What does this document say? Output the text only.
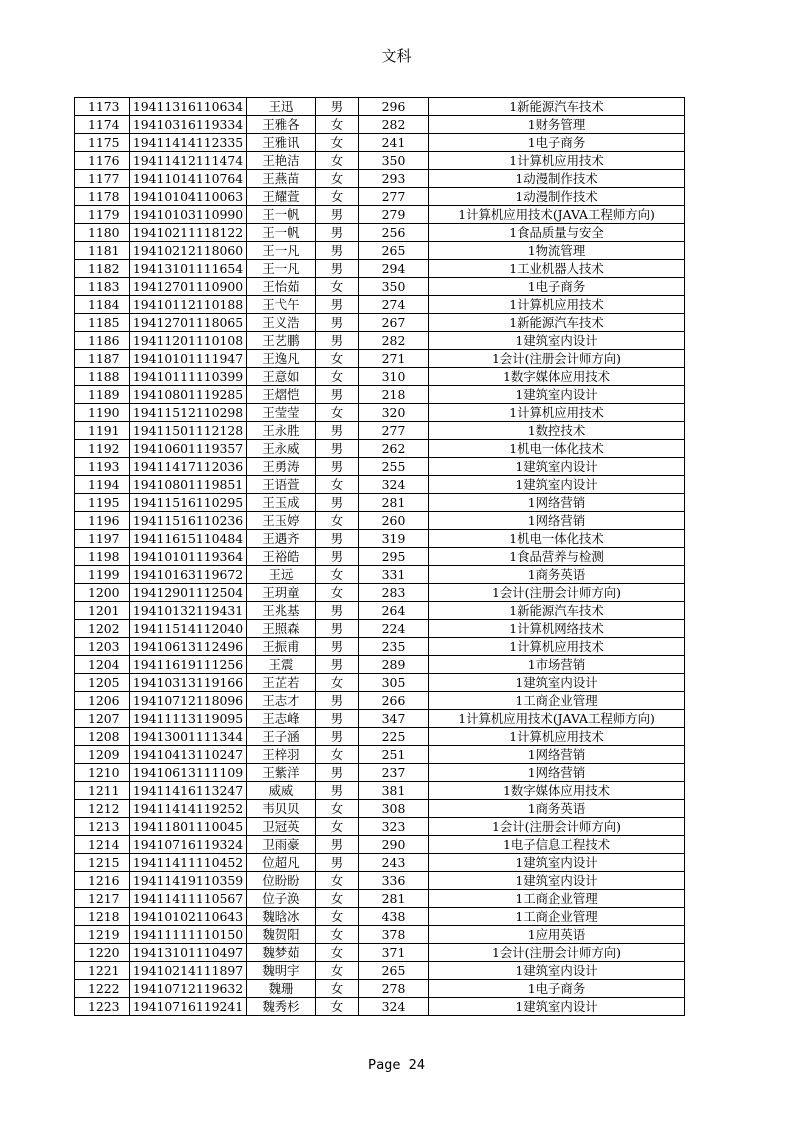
文科
1173	19411316110634	王迅	男	296	1新能源汽车技术
1174	19410316119334	王雅各	女	282	1财务管理
1175	19411414112335	王雅讯	女	241	1电子商务
1176	19411412111474	王艳洁	女	350	1计算机应用技术
1177	19411014110764	王燕苗	女	293	1动漫制作技术
1178	19410104110063	王耀萱	女	277	1动漫制作技术
1179	19410103110990	王一帆	男	279	1计算机应用技术(JAVA工程师方向)
1180	19410211118122	王一帆	男	256	1食品质量与安全
1181	19410212118060	王一凡	男	265	1物流管理
1182	19413101111654	王一凡	男	294	1工业机器人技术
1183	19412701110900	王怡茹	女	350	1电子商务
1184	19410112110188	王弋午	男	274	1计算机应用技术
1185	19412701118065	王义浩	男	267	1新能源汽车技术
1186	19411201110108	王艺鹏	男	282	1建筑室内设计
1187	19410101111947	王逸凡	女	271	1会计(注册会计师方向)
1188	19410111110399	王意如	女	310	1数字媒体应用技术
1189	19410801119285	王熠恺	男	218	1建筑室内设计
1190	19411512110298	王莹莹	女	320	1计算机应用技术
1191	19411501112128	王永胜	男	277	1数控技术
1192	19410601119357	王永威	男	262	1机电一体化技术
1193	19411417112036	王勇涛	男	255	1建筑室内设计
1194	19410801119851	王语萱	女	324	1建筑室内设计
1195	19411516110295	王玉成	男	281	1网络营销
1196	19411516110236	王玉婷	女	260	1网络营销
1197	19411615110484	王遇齐	男	319	1机电一体化技术
1198	19410101119364	王裕皓	男	295	1食品营养与检测
1199	19410163119672	王远	女	331	1商务英语
1200	19412901112504	王玥童	女	283	1会计(注册会计师方向)
1201	19410132119431	王兆基	男	264	1新能源汽车技术
1202	19411514112040	王照森	男	224	1计算机网络技术
1203	19410613112496	王振甫	男	235	1计算机应用技术
1204	19411619111256	王震	男	289	1市场营销
1205	19410313119166	王芷若	女	305	1建筑室内设计
1206	19410712118096	王志才	男	266	1工商企业管理
1207	19411113119095	王志峰	男	347	1计算机应用技术(JAVA工程师方向)
1208	19413001111344	王子涵	男	225	1计算机应用技术
1209	19410413110247	王梓羽	女	251	1网络营销
1210	19410613111109	王紫洋	男	237	1网络营销
1211	19411416113247	威威	男	381	1数字媒体应用技术
1212	19411414119252	韦贝贝	女	308	1商务英语
1213	19411801110045	卫冠英	女	323	1会计(注册会计师方向)
1214	19410716119324	卫雨豪	男	290	1电子信息工程技术
1215	19411411110452	位超凡	男	243	1建筑室内设计
1216	19411419110359	位盼盼	女	336	1建筑室内设计
1217	19411411110567	位子涣	女	281	1工商企业管理
1218	19410102110643	魏晗冰	女	438	1工商企业管理
1219	19411111110150	魏贺阳	女	378	1应用英语
1220	19413101110497	魏梦茹	女	371	1会计(注册会计师方向)
1221	19410214111897	魏明宇	女	265	1建筑室内设计
1222	19410712119632	魏珊	女	278	1电子商务
1223	19410716119241	魏秀杉	女	324	1建筑室内设计
Page 24
